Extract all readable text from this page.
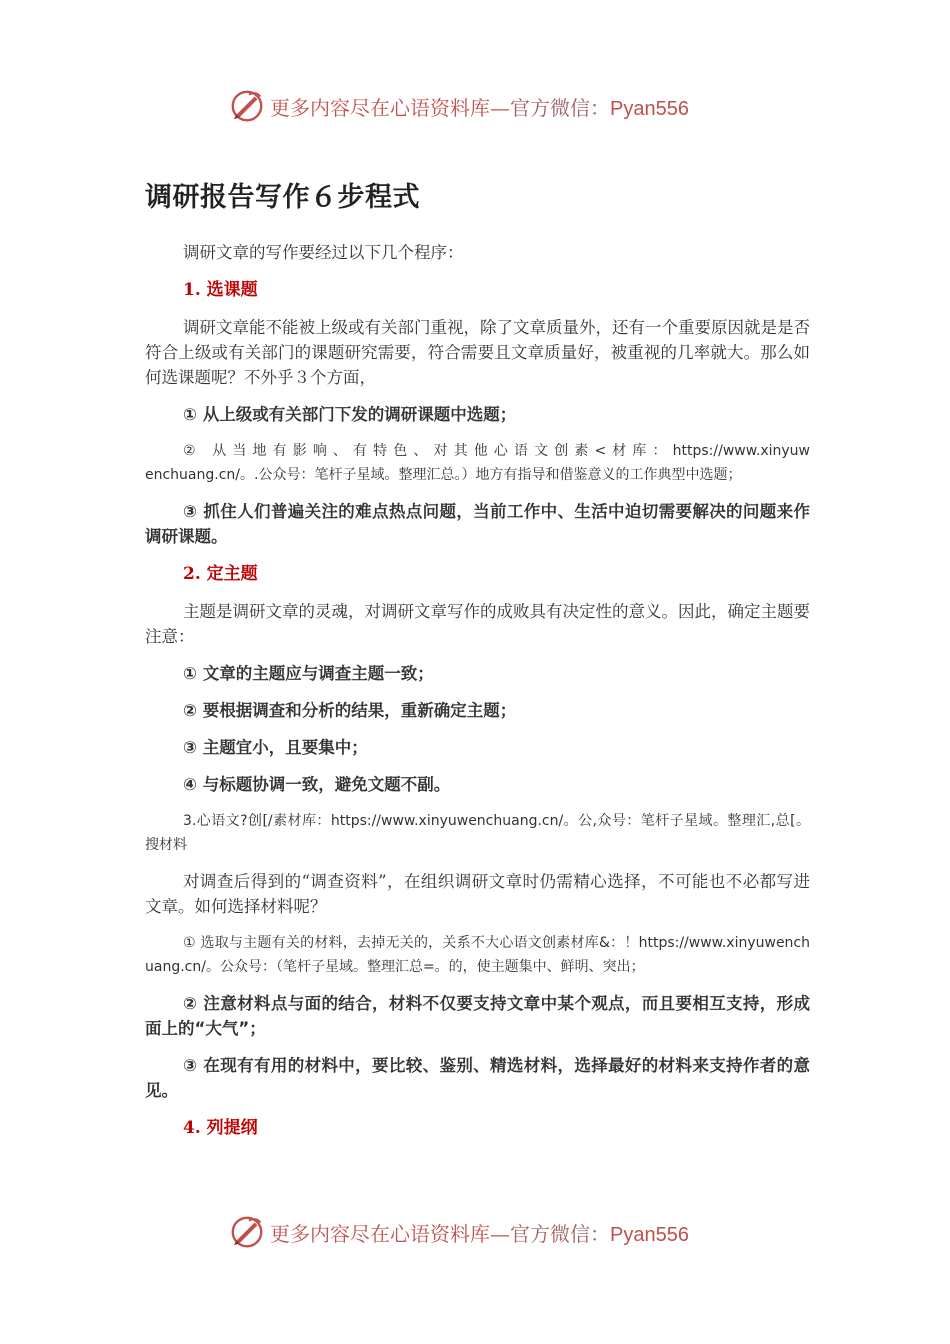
更多内容尽在心语资料库—官方微信：Pyan556
调研报告写作６步程式

调研文章的写作要经过以下几个程序：

1. 选课题

调研文章能不能被上级或有关部门重视，除了文章质量外，还有一个重要原因就是是否符合上级或有关部门的课题研究需要，符合需要且文章质量好，被重视的几率就大。那么如何选课题呢？不外乎３个方面，

① 从上级或有关部门下发的调研课题中选题；

② 从当地有影响、有特色、对其他心语文创素<材库：https://www.xinyuwenchuang.cn/。.公众号：笔杆子星域。整理汇总。）地方有指导和借鉴意义的工作典型中选题；

③ 抓住人们普遍关注的难点热点问题，当前工作中、生活中迫切需要解决的问题来作调研课题。

2. 定主题

主题是调研文章的灵魂，对调研文章写作的成败具有决定性的意义。因此，确定主题要注意：

① 文章的主题应与调查主题一致；

② 要根据调查和分析的结果，重新确定主题；

③ 主题宜小，且要集中；

④ 与标题协调一致，避免文题不副。

3.心语文?创[/素材库：https://www.xinyuwenchuang.cn/。公,众号：笔杆子星域。整理汇,总[。搜材料

对调查后得到的“调查资料”，在组织调研文章时仍需精心选择，不可能也不必都写进文章。如何选择材料呢？

① 选取与主题有关的材料，去掉无关的，关系不大心语文创素材库&：！https://www.xinyuwenchuang.cn/。公众号：（笔杆子星域。整理汇总=。的，使主题集中、鲜明、突出；

② 注意材料点与面的结合，材料不仅要支持文章中某个观点，而且要相互支持，形成面上的“大气”；

③ 在现有有用的材料中，要比较、鉴别、精选材料，选择最好的材料来支持作者的意见。

4. 列提纲

更多内容尽在心语资料库—官方微信：Pyan556
